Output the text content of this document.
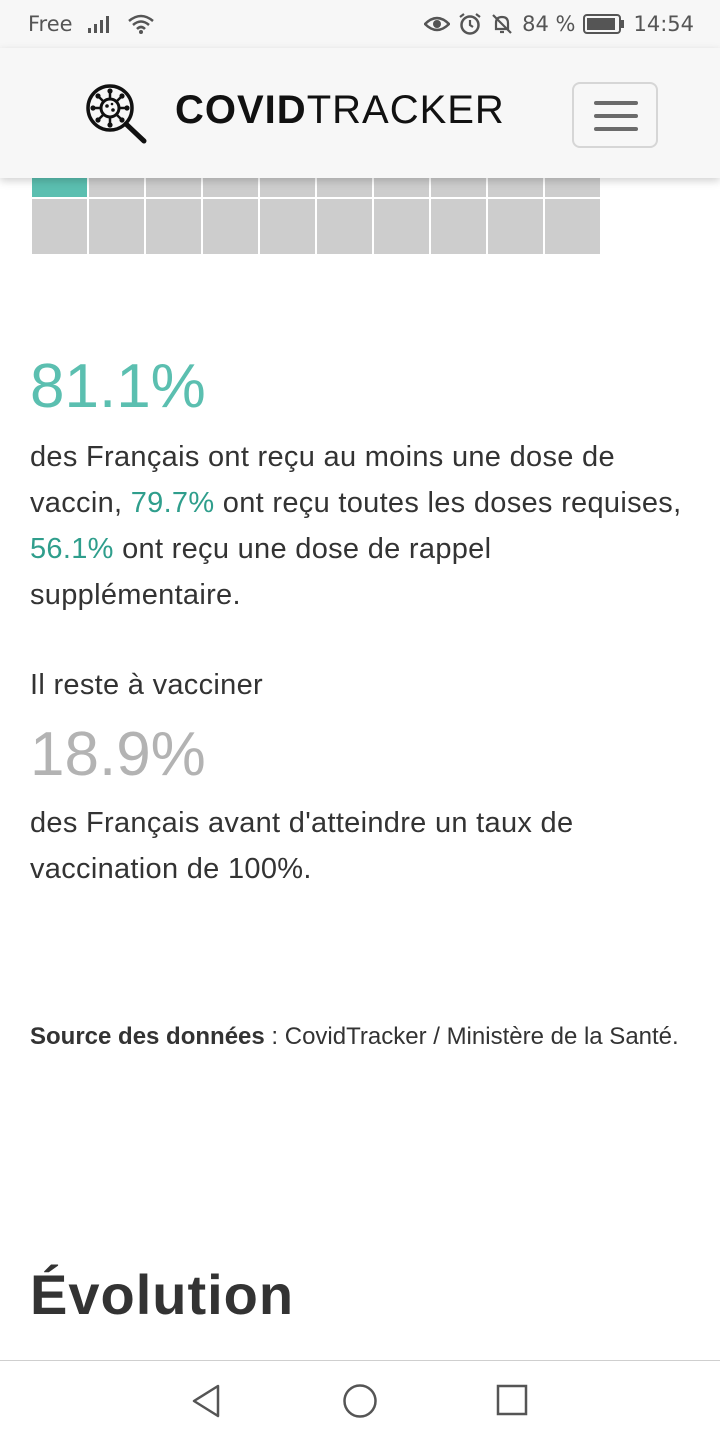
Free	84 %	14:54
COVIDTRACKER
81.1%
des Français ont reçu au moins une dose de vaccin, 79.7% ont reçu toutes les doses requises, 56.1% ont reçu une dose de rappel supplémentaire.
Il reste à vacciner
18.9%
des Français avant d'atteindre un taux de vaccination de 100%.
Source des données : CovidTracker / Ministère de la Santé.
Évolution
